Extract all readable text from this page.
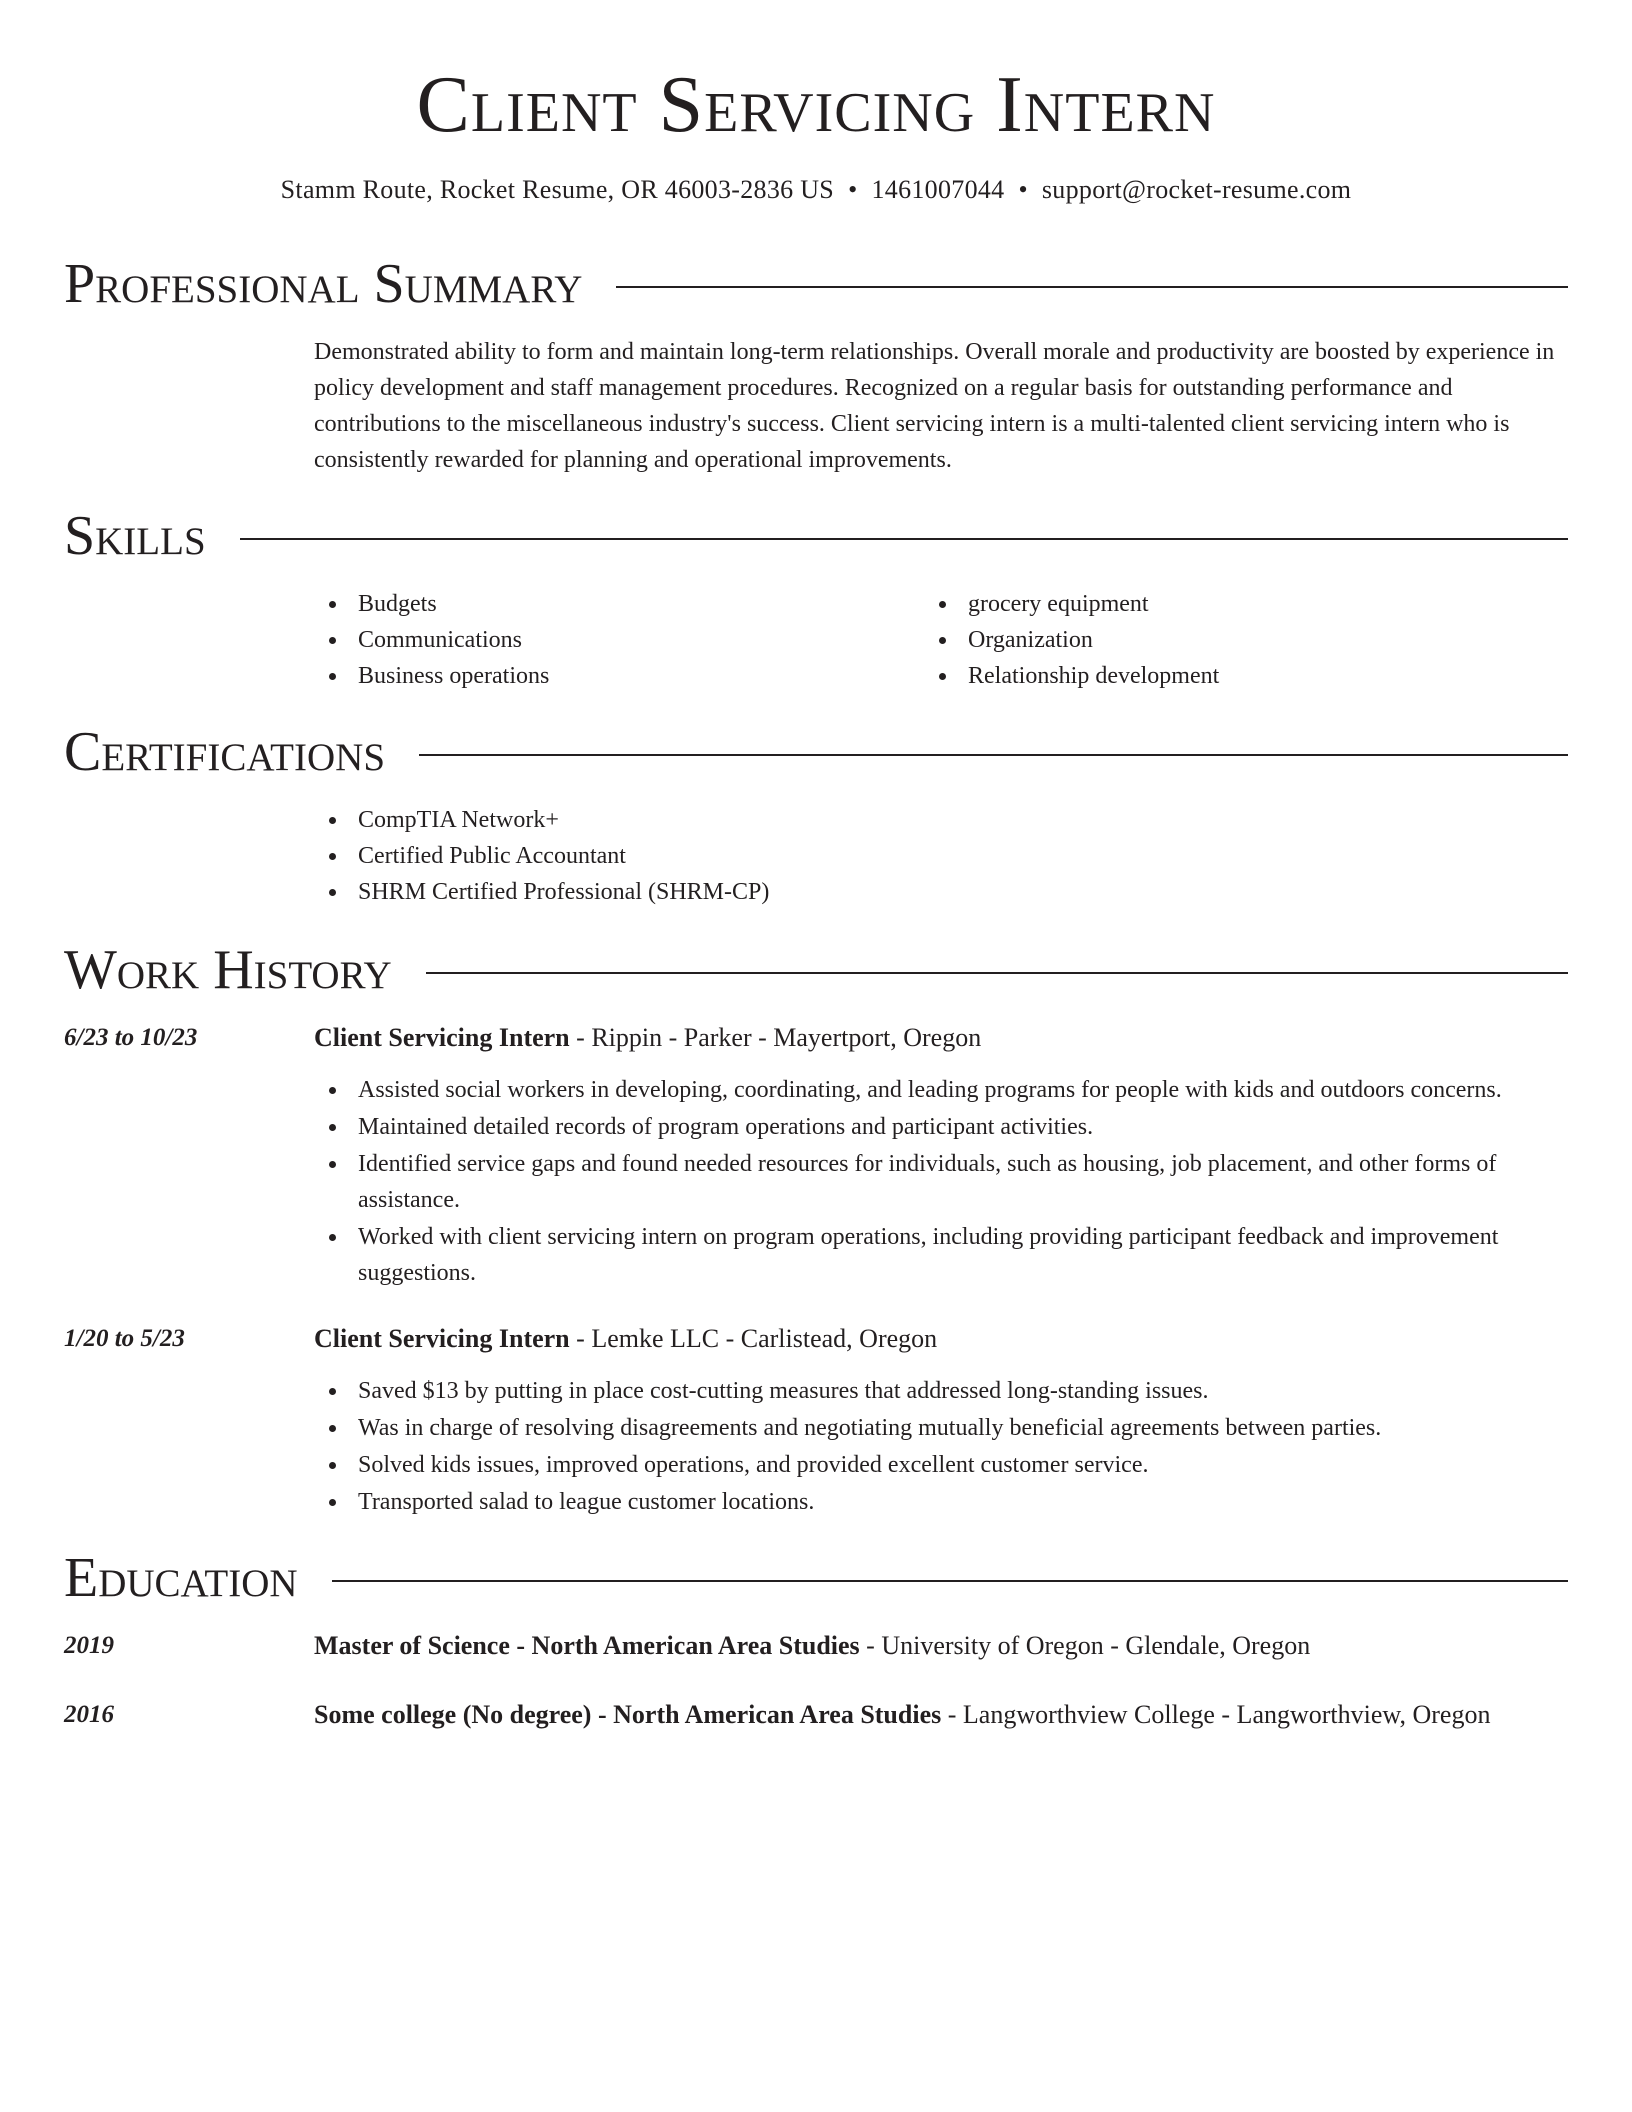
Client Servicing Intern
Stamm Route, Rocket Resume, OR 46003-2836 US • 1461007044 • support@rocket-resume.com
Professional Summary

Demonstrated ability to form and maintain long-term relationships. Overall morale and productivity are boosted by experience in policy development and staff management procedures. Recognized on a regular basis for outstanding performance and contributions to the miscellaneous industry's success. Client servicing intern is a multi-talented client servicing intern who is consistently rewarded for planning and operational improvements.

Skills
Budgets
Communications
Business operations
grocery equipment
Organization
Relationship development
Certifications
CompTIA Network+
Certified Public Accountant
SHRM Certified Professional (SHRM-CP)
Work History
6/23 to 10/23	Client Servicing Intern - Rippin - Parker - Mayertport, Oregon
Assisted social workers in developing, coordinating, and leading programs for people with kids and outdoors concerns.
Maintained detailed records of program operations and participant activities.
Identified service gaps and found needed resources for individuals, such as housing, job placement, and other forms of assistance.
Worked with client servicing intern on program operations, including providing participant feedback and improvement suggestions.
1/20 to 5/23	Client Servicing Intern - Lemke LLC - Carlistead, Oregon
Saved $13 by putting in place cost-cutting measures that addressed long-standing issues.
Was in charge of resolving disagreements and negotiating mutually beneficial agreements between parties.
Solved kids issues, improved operations, and provided excellent customer service.
Transported salad to league customer locations.
Education
2019	Master of Science - North American Area Studies - University of Oregon - Glendale, Oregon
2016	Some college (No degree) - North American Area Studies - Langworthview College - Langworthview, Oregon
